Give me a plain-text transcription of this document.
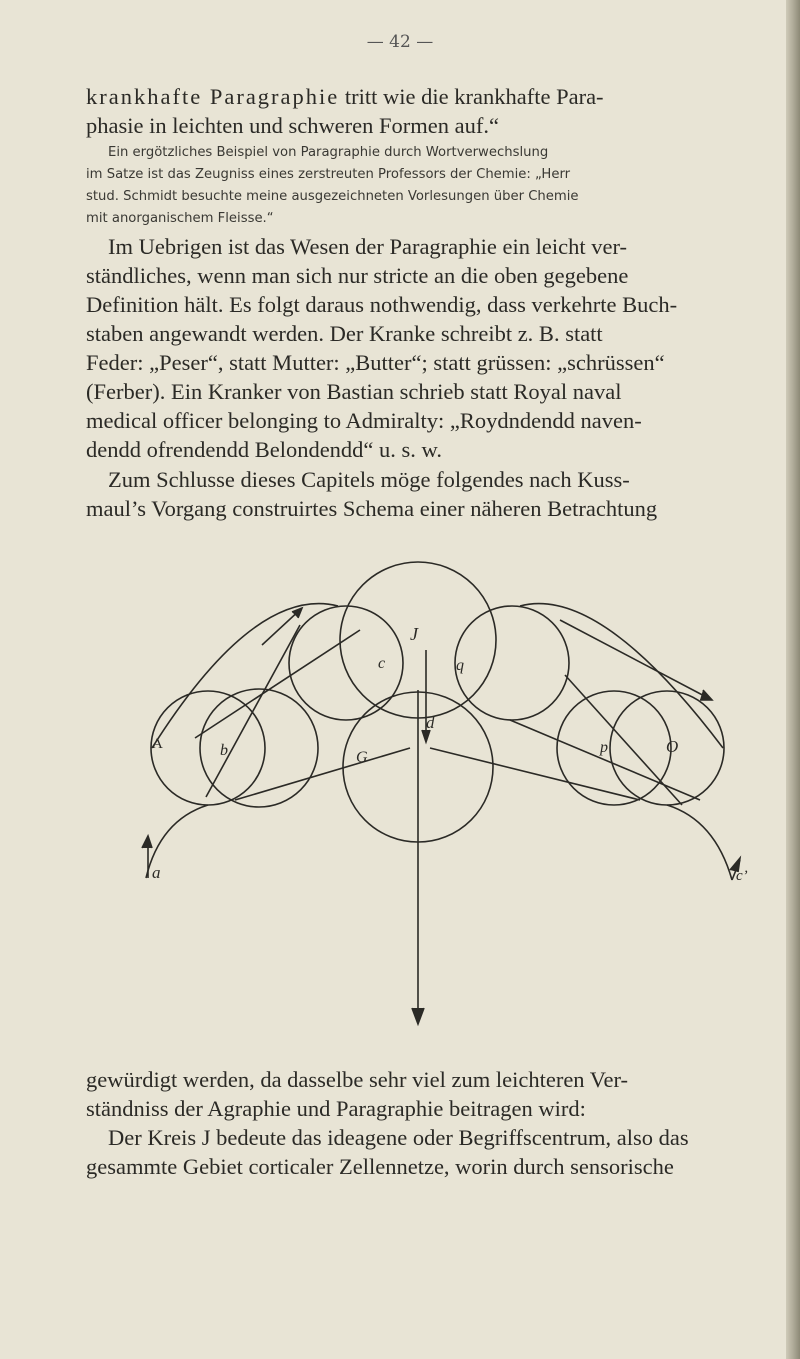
— 42 —

krankhafte Paragraphie tritt wie die krankhafte Para-
phasie in leichten und schweren Formen auf.“

Ein ergötzliches Beispiel von Paragraphie durch Wortverwechslung
im Satze ist das Zeugniss eines zerstreuten Professors der Chemie: „Herr
stud. Schmidt besuchte meine ausgezeichneten Vorlesungen über Chemie
mit anorganischem Fleisse.“

Im Uebrigen ist das Wesen der Paragraphie ein leicht ver-
ständliches, wenn man sich nur stricte an die oben gegebene
Definition hält. Es folgt daraus nothwendig, dass verkehrte Buch-
staben angewandt werden. Der Kranke schreibt z. B. statt
Feder: „Peser“, statt Mutter: „Butter“; statt grüssen: „schrüssen“
(Ferber). Ein Kranker von Bastian schrieb statt Royal naval
medical officer belonging to Admiralty: „Roydndendd naven-
dendd ofrendendd Belondendd“ u. s. w.

Zum Schlusse dieses Capitels möge folgendes nach Kuss-
maul’s Vorgang construirtes Schema einer näheren Betrachtung

J
c	q
A	b	p	O
d
G
a	c’

gewürdigt werden, da dasselbe sehr viel zum leichteren Ver-
ständniss der Agraphie und Paragraphie beitragen wird:
Der Kreis J bedeute das ideagene oder Begriffscentrum, also das
gesammte Gebiet corticaler Zellennetze, worin durch sensorische
